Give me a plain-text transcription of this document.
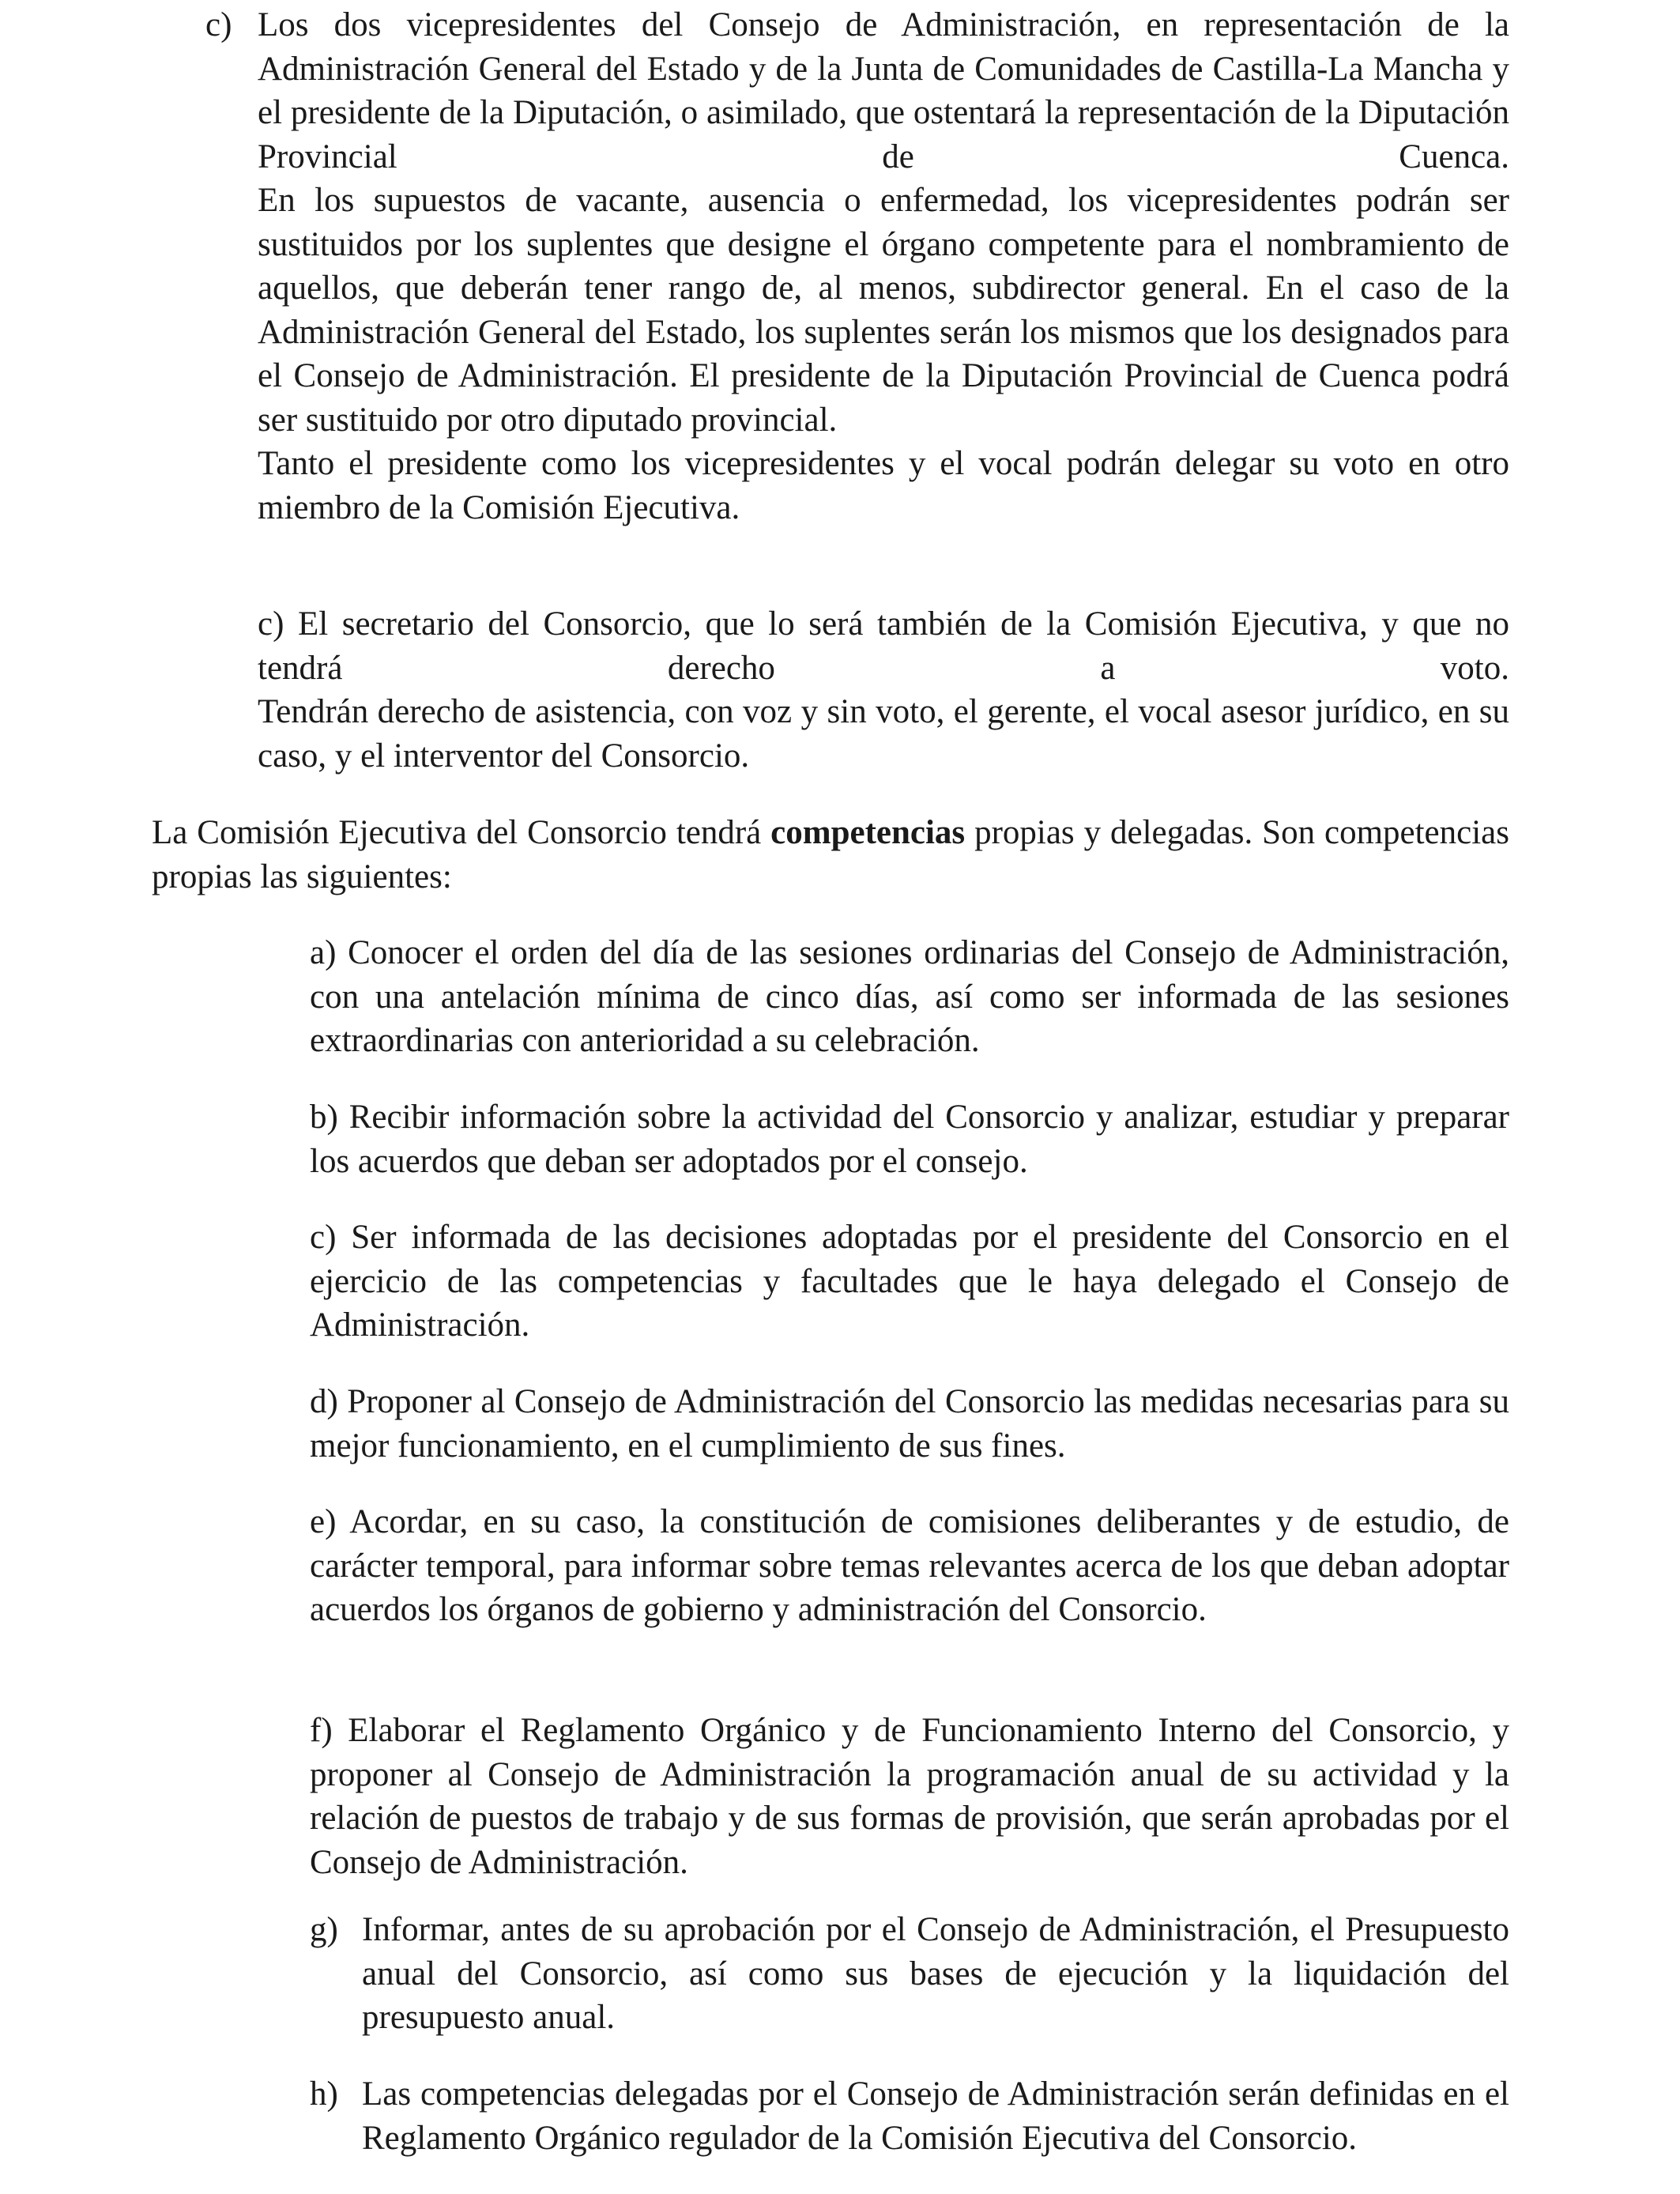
c) Los dos vicepresidentes del Consejo de Administración, en representación de la Administración General del Estado y de la Junta de Comunidades de Castilla-La Mancha y el presidente de la Diputación, o asimilado, que ostentará la representación de la Diputación Provincial de Cuenca.

En los supuestos de vacante, ausencia o enfermedad, los vicepresidentes podrán ser sustituidos por los suplentes que designe el órgano competente para el nombramiento de aquellos, que deberán tener rango de, al menos, subdirector general. En el caso de la Administración General del Estado, los suplentes serán los mismos que los designados para el Consejo de Administración. El presidente de la Diputación Provincial de Cuenca podrá ser sustituido por otro diputado provincial.

Tanto el presidente como los vicepresidentes y el vocal podrán delegar su voto en otro miembro de la Comisión Ejecutiva.

c) El secretario del Consorcio, que lo será también de la Comisión Ejecutiva, y que no tendrá derecho a voto.

Tendrán derecho de asistencia, con voz y sin voto, el gerente, el vocal asesor jurídico, en su caso, y el interventor del Consorcio.

La Comisión Ejecutiva del Consorcio tendrá competencias propias y delegadas. Son competencias propias las siguientes:

a) Conocer el orden del día de las sesiones ordinarias del Consejo de Administración, con una antelación mínima de cinco días, así como ser informada de las sesiones extraordinarias con anterioridad a su celebración.

b) Recibir información sobre la actividad del Consorcio y analizar, estudiar y preparar los acuerdos que deban ser adoptados por el consejo.

c) Ser informada de las decisiones adoptadas por el presidente del Consorcio en el ejercicio de las competencias y facultades que le haya delegado el Consejo de Administración.

d) Proponer al Consejo de Administración del Consorcio las medidas necesarias para su mejor funcionamiento, en el cumplimiento de sus fines.

e) Acordar, en su caso, la constitución de comisiones deliberantes y de estudio, de carácter temporal, para informar sobre temas relevantes acerca de los que deban adoptar acuerdos los órganos de gobierno y administración del Consorcio.

f) Elaborar el Reglamento Orgánico y de Funcionamiento Interno del Consorcio, y proponer al Consejo de Administración la programación anual de su actividad y la relación de puestos de trabajo y de sus formas de provisión, que serán aprobadas por el Consejo de Administración.

g) Informar, antes de su aprobación por el Consejo de Administración, el Presupuesto anual del Consorcio, así como sus bases de ejecución y la liquidación del presupuesto anual.

h) Las competencias delegadas por el Consejo de Administración serán definidas en el Reglamento Orgánico regulador de la Comisión Ejecutiva del Consorcio.
